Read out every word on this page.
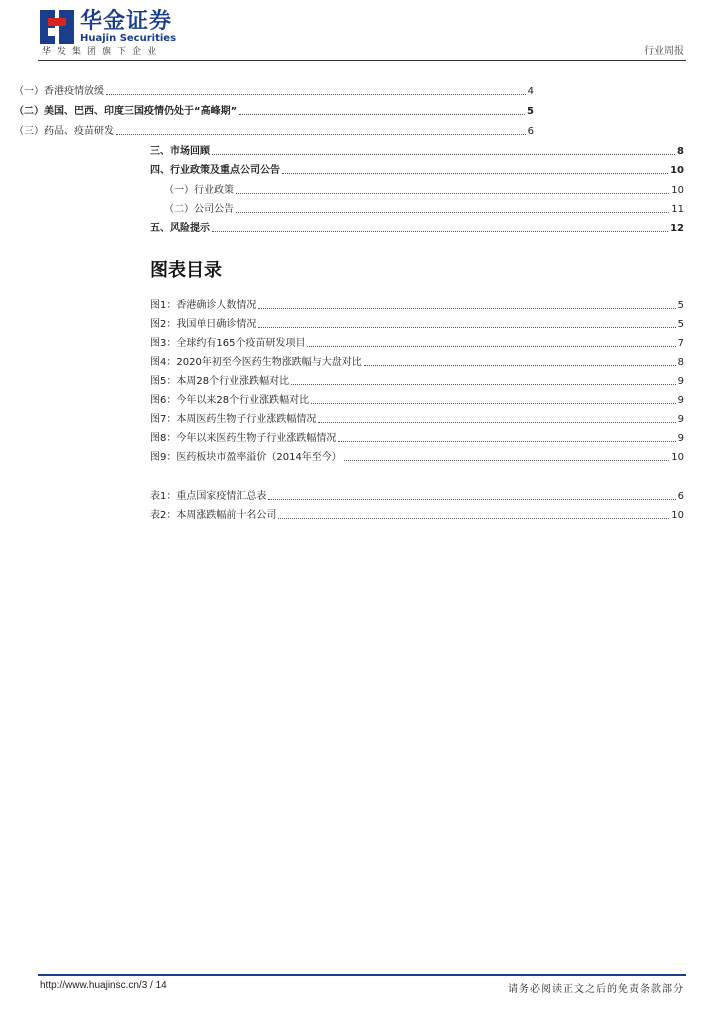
华金证券
Huajin Securities
华发集团旗下企业	行业周报
（一）香港疫情放缓	4
（二）美国、巴西、印度三国疫情仍处于“高峰期”	5
（三）药品、疫苗研发	6
三、市场回顾	8
四、行业政策及重点公司公告	10
（一）行业政策	10
（二）公司公告	11
五、风险提示	12
图表目录
图1：香港确诊人数情况	5
图2：我国单日确诊情况	5
图3：全球约有165个疫苗研发项目	7
图4：2020年初至今医药生物涨跌幅与大盘对比	8
图5：本周28个行业涨跌幅对比	9
图6：今年以来28个行业涨跌幅对比	9
图7：本周医药生物子行业涨跌幅情况	9
图8：今年以来医药生物子行业涨跌幅情况	9
图9：医药板块市盈率溢价（2014年至今）	10
表1：重点国家疫情汇总表	6
表2：本周涨跌幅前十名公司	10
http://www.huajinsc.cn/3 / 14	请务必阅读正文之后的免责条款部分
